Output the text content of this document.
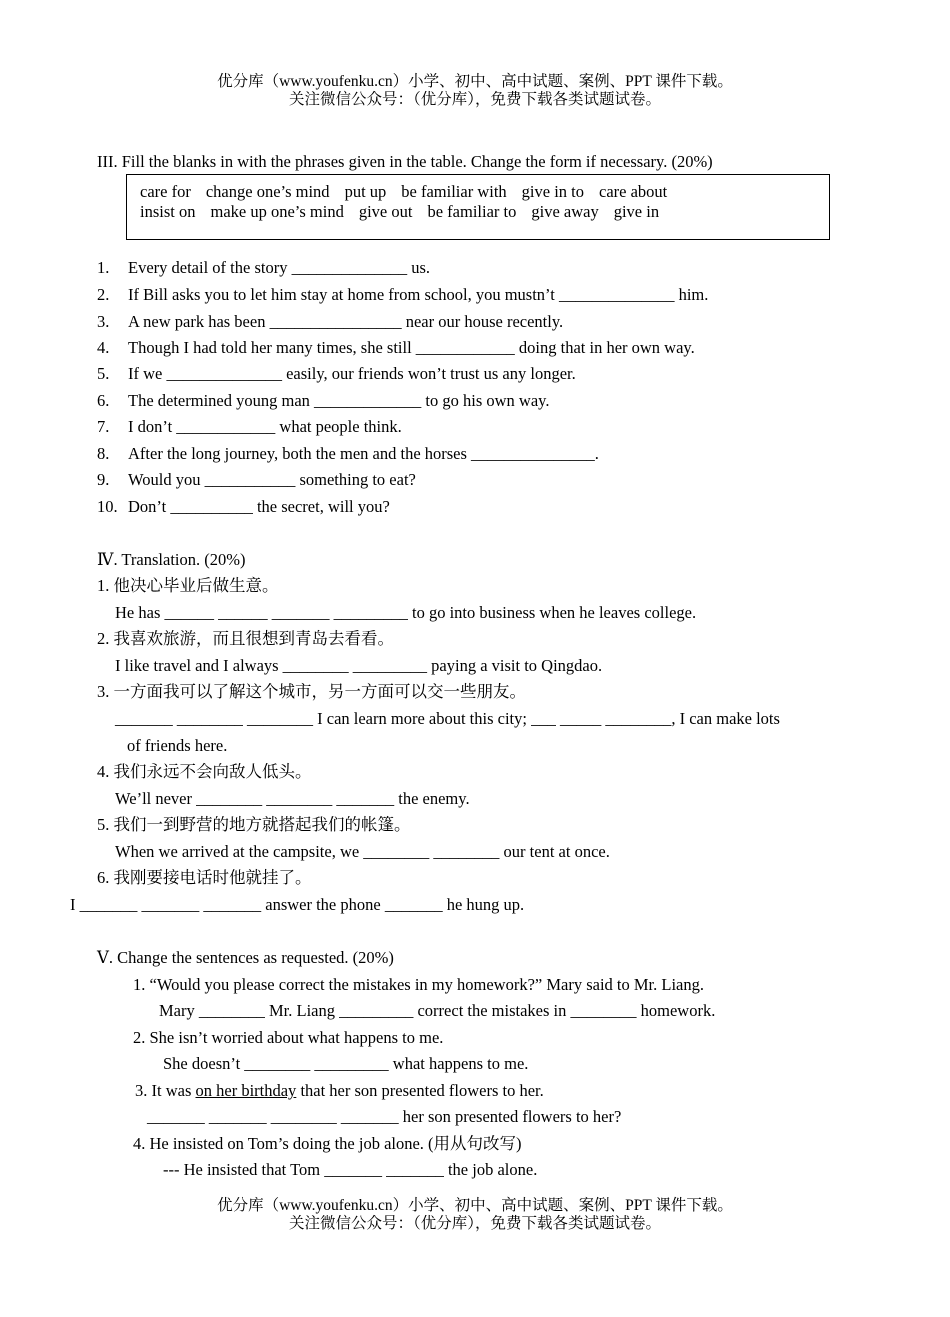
优分库（www.youfenku.cn）小学、初中、高中试题、案例、PPT 课件下载。
关注微信公众号：（优分库），免费下载各类试题试卷。
III. Fill the blanks in with the phrases given in the table. Change the form if necessary. (20%)
care for change one’s mind put up be familiar with give in to care about
insist on make up one’s mind give out be familiar to give away give in
1. Every detail of the story ______________ us.
2. If Bill asks you to let him stay at home from school, you mustn’t ______________ him.
3. A new park has been ________________ near our house recently.
4. Though I had told her many times, she still ____________ doing that in her own way.
5. If we ______________ easily, our friends won’t trust us any longer.
6. The determined young man _____________ to go his own way.
7. I don’t ____________ what people think.
8. After the long journey, both the men and the horses _______________.
9. Would you ___________ something to eat?
10. Don’t __________ the secret, will you?
Ⅳ. Translation. (20%)
1. 他决心毕业后做生意。
He has ______ ______ _______ _________ to go into business when he leaves college.
2. 我喜欢旅游，而且很想到青岛去看看。
I like travel and I always ________ _________ paying a visit to Qingdao.
3. 一方面我可以了解这个城市，另一方面可以交一些朋友。
_______ ________ ________ I can learn more about this city; ___ _____ ________, I can make lots
of friends here.
4. 我们永远不会向敌人低头。
We’ll never ________ ________ _______ the enemy.
5. 我们一到野营的地方就搭起我们的帐篷。
When we arrived at the campsite, we ________ ________ our tent at once.
6. 我刚要接电话时他就挂了。
I _______ _______ _______ answer the phone _______ he hung up.
Ⅴ. Change the sentences as requested. (20%)
1. “Would you please correct the mistakes in my homework?” Mary said to Mr. Liang.
Mary ________ Mr. Liang _________ correct the mistakes in ________ homework.
2. She isn’t worried about what happens to me.
She doesn’t ________ _________ what happens to me.
3. It was on her birthday that her son presented flowers to her.
_______ _______ ________ _______ her son presented flowers to her?
4. He insisted on Tom’s doing the job alone. (用从句改写)
--- He insisted that Tom _______ _______ the job alone.
优分库（www.youfenku.cn）小学、初中、高中试题、案例、PPT 课件下载。
关注微信公众号：（优分库），免费下载各类试题试卷。
